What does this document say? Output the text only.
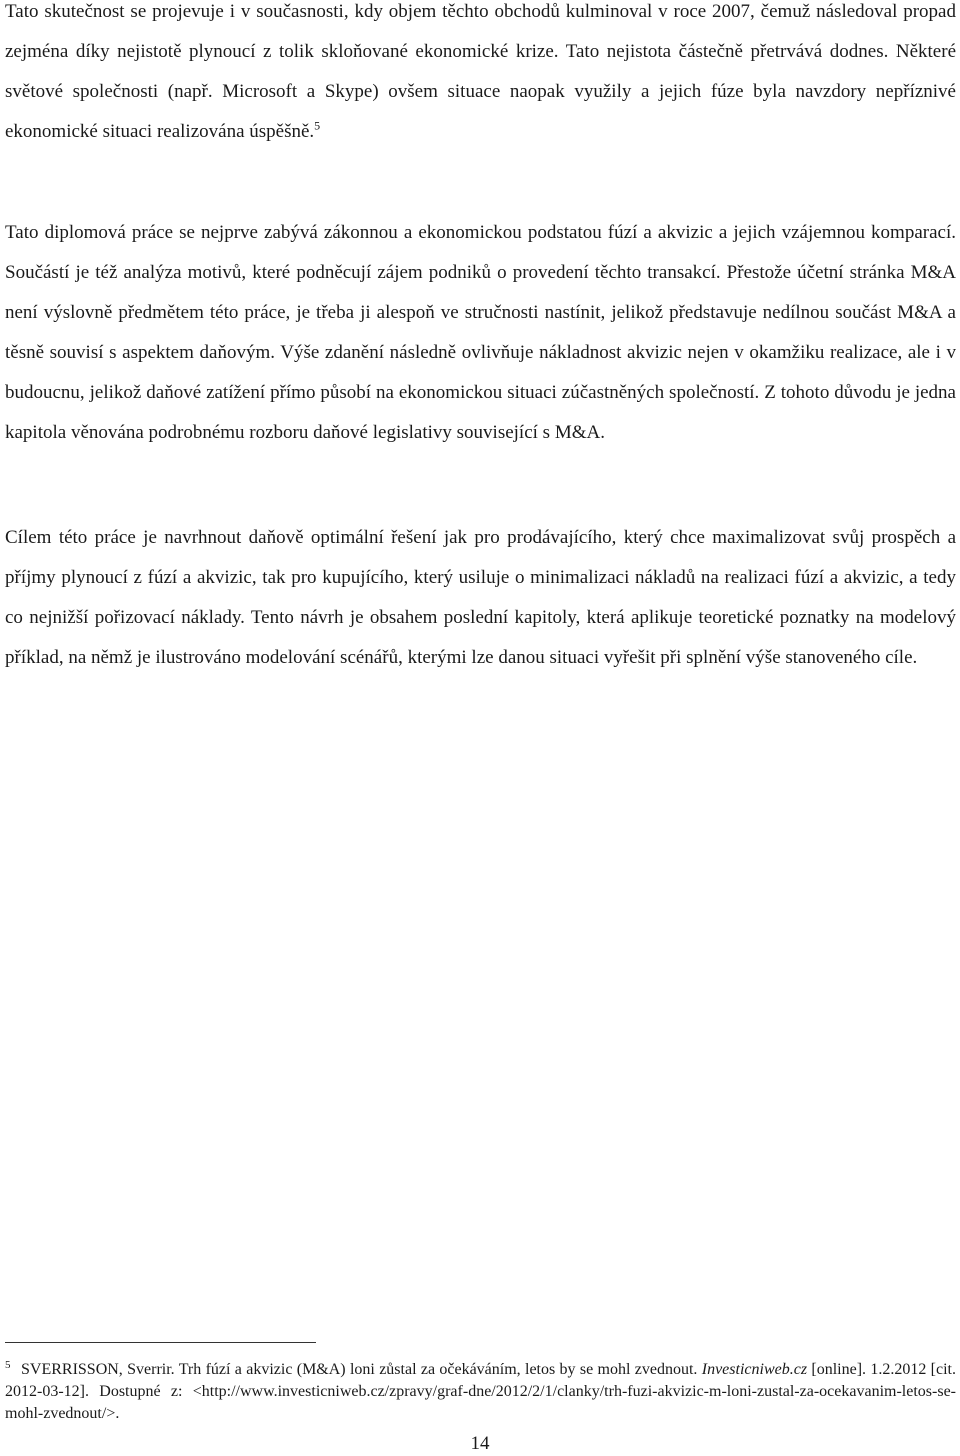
Tato skutečnost se projevuje i v současnosti, kdy objem těchto obchodů kulminoval v roce 2007, čemuž následoval propad zejména díky nejistotě plynoucí z tolik skloňované ekonomické krize. Tato nejistota částečně přetrvává dodnes. Některé světové společnosti (např. Microsoft a Skype) ovšem situace naopak využily a jejich fúze byla navzdory nepříznivé ekonomické situaci realizována úspěšně.$^5$

Tato diplomová práce se nejprve zabývá zákonnou a ekonomickou podstatou fúzí a akvizic a jejich vzájemnou komparací. Součástí je též analýza motivů, které podněcují zájem podniků o provedení těchto transakcí. Přestože účetní stránka M&A není výslovně předmětem této práce, je třeba ji alespoň ve stručnosti nastínit, jelikož představuje nedílnou součást M&A a těsně souvisí s aspektem daňovým. Výše zdanění následně ovlivňuje nákladnost akvizic nejen v okamžiku realizace, ale i v budoucnu, jelikož daňové zatížení přímo působí na ekonomickou situaci zúčastněných společností. Z tohoto důvodu je jedna kapitola věnována podrobnému rozboru daňové legislativy související s M&A.

Cílem této práce je navrhnout daňově optimální řešení jak pro prodávajícího, který chce maximalizovat svůj prospěch a příjmy plynoucí z fúzí a akvizic, tak pro kupujícího, který usiluje o minimalizaci nákladů na realizaci fúzí a akvizic, a tedy co nejnižší pořizovací náklady. Tento návrh je obsahem poslední kapitoly, která aplikuje teoretické poznatky na modelový příklad, na němž je ilustrováno modelování scénářů, kterými lze danou situaci vyřešit při splnění výše stanoveného cíle.

$^5$ SVERRISSON, Sverrir. Trh fúzí a akvizic (M&A) loni zůstal za očekáváním, letos by se mohl zvednout. Investicniweb.cz [online]. 1.2.2012 [cit. 2012-03-12]. Dostupné z: <http://www.investicniweb.cz/zpravy/graf-dne/2012/2/1/clanky/trh-fuzi-akvizic-m-loni-zustal-za-ocekavanim-letos-se-mohl-zvednout/>.

14
